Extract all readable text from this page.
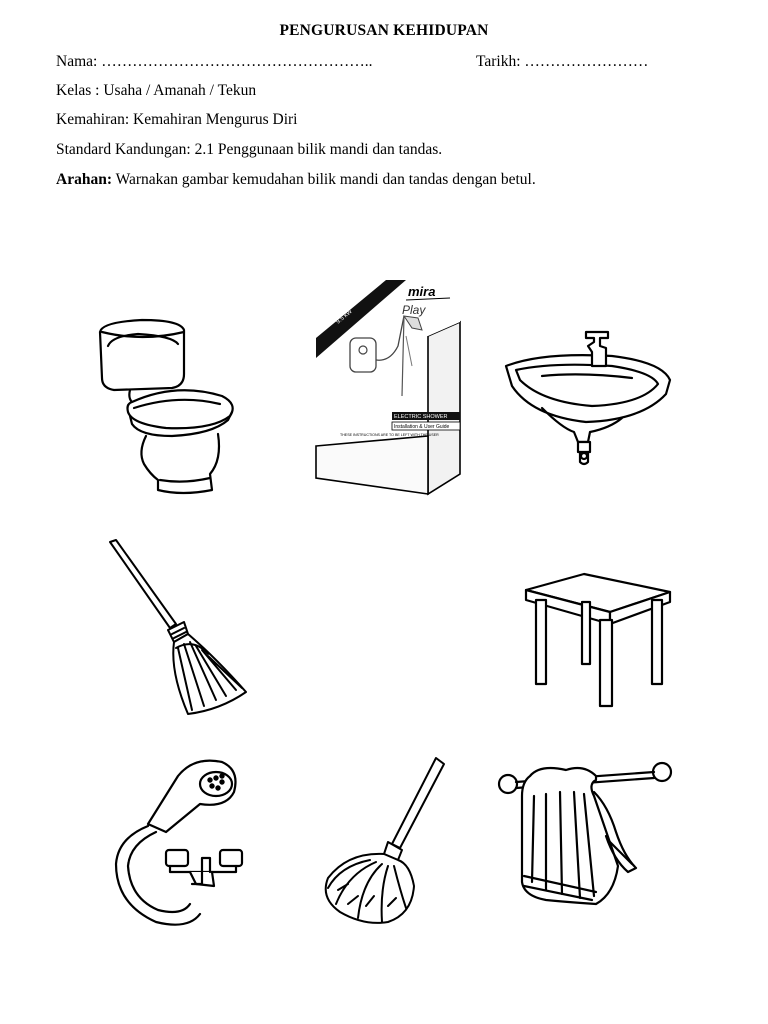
PENGURUSAN KEHIDUPAN
Nama: ……………………………………………..	Tarikh: ……………………
Kelas : Usaha / Amanah / Tekun
Kemahiran: Kemahiran Mengurus Diri
Standard Kandungan: 2.1 Penggunaan bilik mandi dan tandas.
Arahan: Warnakan gambar kemudahan bilik mandi dan tandas dengan betul.
9.5 kW
mira
Play
ELECTRIC SHOWER
Installation & User Guide
THESE INSTRUCTIONS ARE TO BE LEFT WITH THE USER
